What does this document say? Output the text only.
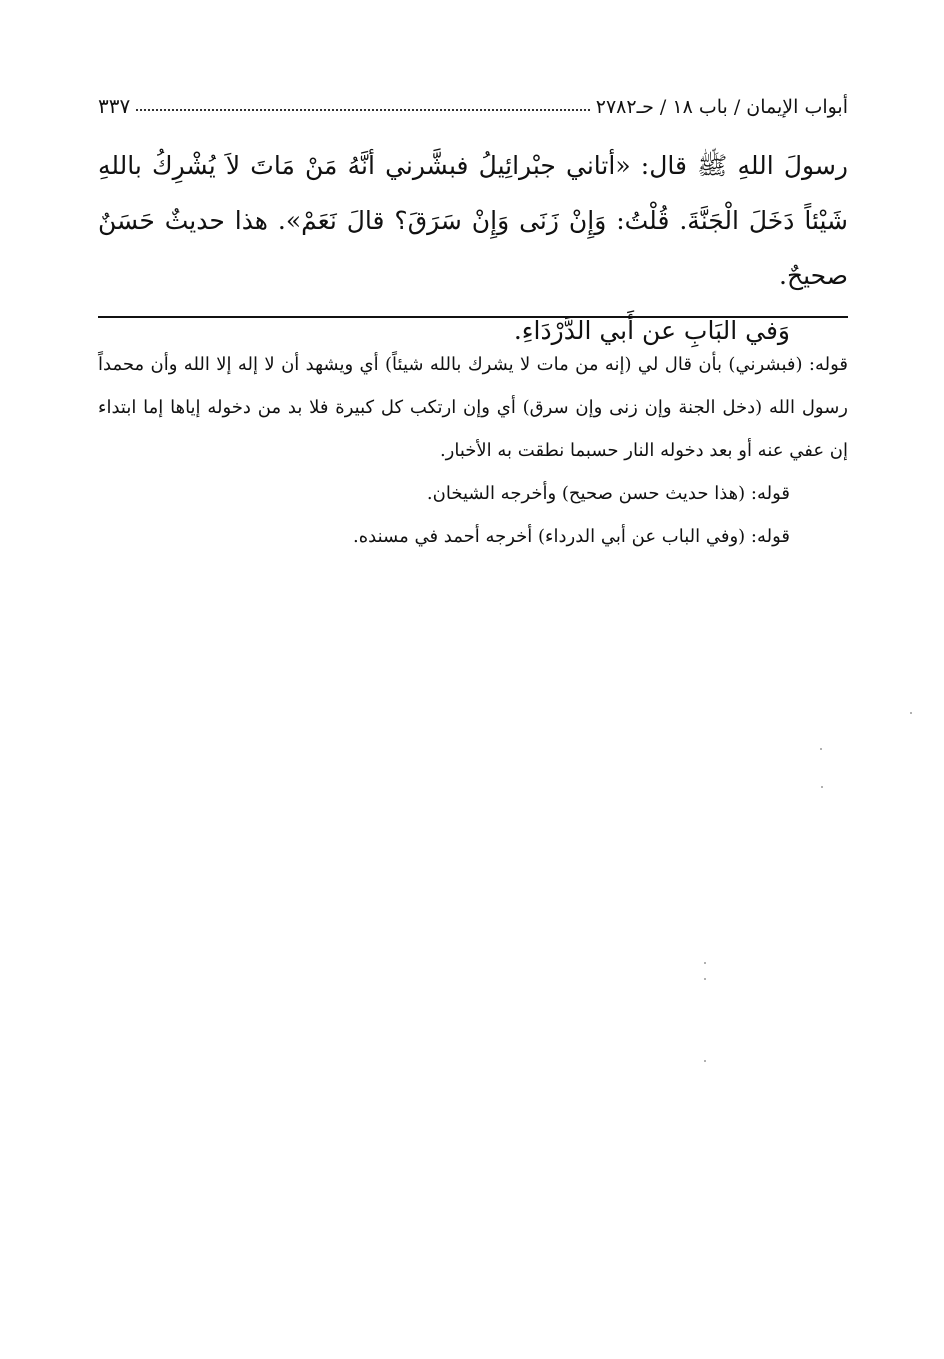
أبواب الإيمان / باب ١٨ / حـ٢٧٨٢
٣٣٧

رسولَ اللهِ ﷺ قال: «أتاني جبْرائِيلُ فبشَّرني أنَّهُ مَنْ مَاتَ لاَ يُشْرِكُ باللهِ شَيْئاً دَخَلَ الْجَنَّةَ. قُلْتُ: وَإِنْ زَنَى وَإِنْ سَرَقَ؟ قالَ نَعَمْ». هذا حديثٌ حَسَنٌ صحيحٌ.

وَفي البَابِ عن أَبي الدَّرْدَاءِ.

قوله: (فبشرني) بأن قال لي (إنه من مات لا يشرك بالله شيئاً) أي ويشهد أن لا إله إلا الله وأن محمداً رسول الله (دخل الجنة وإن زنى وإن سرق) أي وإن ارتكب كل كبيرة فلا بد من دخوله إياها إما ابتداء إن عفي عنه أو بعد دخوله النار حسبما نطقت به الأخبار.

قوله: (هذا حديث حسن صحيح) وأخرجه الشيخان.

قوله: (وفي الباب عن أبي الدرداء) أخرجه أحمد في مسنده.
